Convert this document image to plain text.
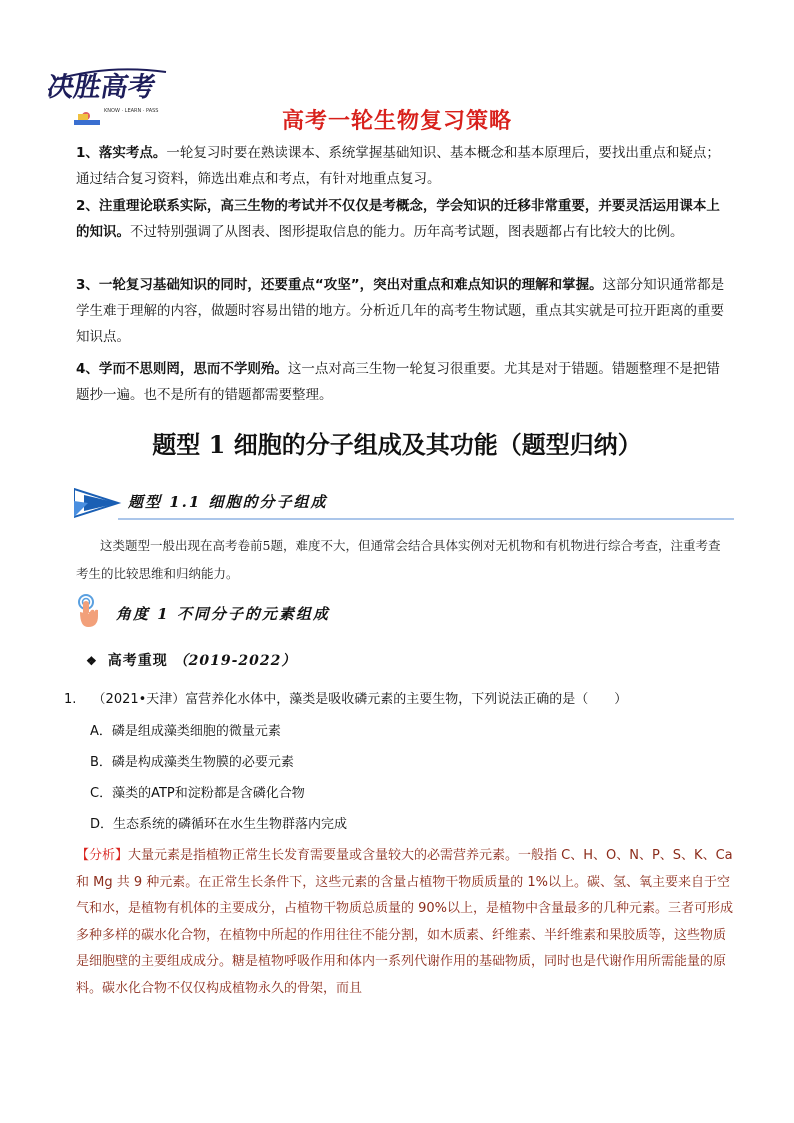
决胜高考
KNOW · LEARN · PASS	高考一轮生物复习策略
1、落实考点。一轮复习时要在熟读课本、系统掌握基础知识、基本概念和基本原理后，要找出重点和疑点；通过结合复习资料，筛选出难点和考点，有针对地重点复习。
2、注重理论联系实际，高三生物的考试并不仅仅是考概念，学会知识的迁移非常重要，并要灵活运用课本上的知识。不过特别强调了从图表、图形提取信息的能力。历年高考试题，图表题都占有比较大的比例。
3、一轮复习基础知识的同时，还要重点“攻坚”，突出对重点和难点知识的理解和掌握。这部分知识通常都是学生难于理解的内容，做题时容易出错的地方。分析近几年的高考生物试题，重点其实就是可拉开距离的重要知识点。
4、学而不思则罔，思而不学则殆。这一点对高三生物一轮复习很重要。尤其是对于错题。错题整理不是把错题抄一遍。也不是所有的错题都需要整理。
题型 1 细胞的分子组成及其功能（题型归纳）
题型 1.1 细胞的分子组成
这类题型一般出现在高考卷前5题，难度不大，但通常会结合具体实例对无机物和有机物进行综合考查，注重考查考生的比较思维和归纳能力。
角度 1 不同分子的元素组成
❖ 高考重现 （2019-2022）
1. （2021•天津）富营养化水体中，藻类是吸收磷元素的主要生物，下列说法正确的是（　　）
A．磷是组成藻类细胞的微量元素
B．磷是构成藻类生物膜的必要元素
C．藻类的ATP和淀粉都是含磷化合物
D．生态系统的磷循环在水生生物群落内完成
【分析】大量元素是指植物正常生长发育需要量或含量较大的必需营养元素。一般指 C、H、O、N、P、S、K、Ca 和 Mg 共 9 种元素。在正常生长条件下，这些元素的含量占植物干物质质量的 1%以上。碳、氢、氧主要来自于空气和水，是植物有机体的主要成分，占植物干物质总质量的 90%以上，是植物中含量最多的几种元素。三者可形成多种多样的碳水化合物，在植物中所起的作用往往不能分割，如木质素、纤维素、半纤维素和果胶质等，这些物质是细胞壁的主要组成成分。糖是植物呼吸作用和体内一系列代谢作用的基础物质，同时也是代谢作用所需能量的原料。碳水化合物不仅仅构成植物永久的骨架，而且
